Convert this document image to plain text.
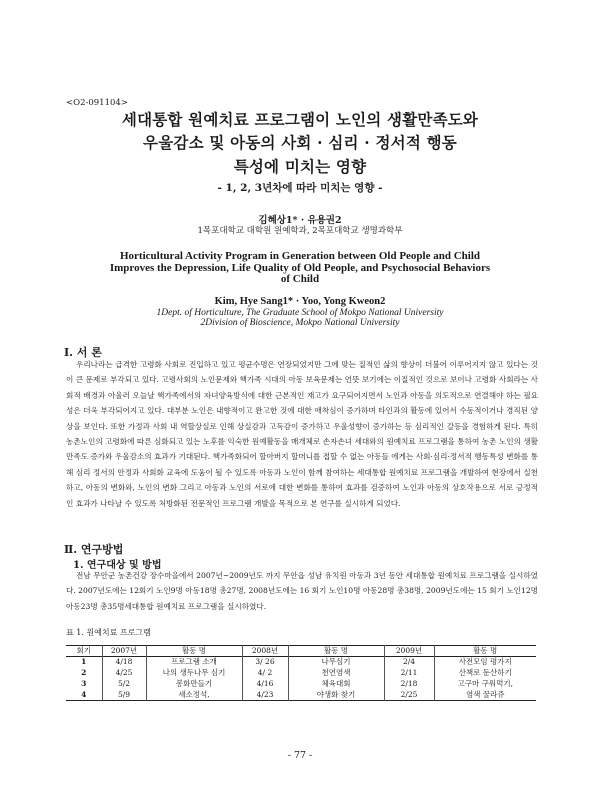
<O2-091104>
세대통합 원예치료 프로그램이 노인의 생활만족도와
우울감소 및 아동의 사회 · 심리 · 정서적 행동
특성에 미치는 영향
- 1, 2, 3년차에 따라 미치는 영향 -
김혜상1* · 유용권2
1목포대학교 대학원 원예학과, 2목포대학교 생명과학부
Horticultural Activity Program in Generation between Old People and Child
Improves the Depression, Life Quality of Old People, and Psychosocial Behaviors
of Child
Kim, Hye Sang1* · Yoo, Yong Kweon2
1Dept. of Horticulture, The Graduate School of Mokpo National University
2Division of Bioscience, Mokpo National University
Ⅰ. 서 론
우리나라는 급격한 고령화 사회로 진입하고 있고 평균수명은 연장되었지만 그에 맞는 질적인 삶의 향상이 더불어 이루어지지 않고 있다는 것이 큰 문제로 부각되고 있다. 고령사회의 노인문제와 핵가족 시대의 아동 보육문제는 언뜻 보기에는 이질적인 것으로 보이나 고령화 사회라는 사회적 배경과 아울러 오늘날 핵가족에서의 자녀양육방식에 대한 근본적인 재고가 요구되어지면서 노인과 아동을 의도적으로 연결해야 하는 필요성은 더욱 부각되어지고 있다. 대부분 노인은 내향적이고 완고한 것에 대한 애착심이 증가하며 타인과의 활동에 있어서 수동적이거나 경직된 양상을 보인다. 또한 가정과 사회 내 역할상실로 인해 상실감과 고독감이 증가하고 우울성향이 증가하는 등 심리적인 갈등을 경험하게 된다. 특히 농촌노인의 고령화에 따른 심화되고 있는 노후를 익숙한 원예활동을 매개체로 손자손녀 세대와의 원예치료 프로그램을 통하여 농촌 노인의 생활만족도 증가와 우울감소의 효과가 기대된다. 핵가족화되어 할아버지 할머니를 접할 수 없는 아동들 에게는 사회·심리·정서적 행동특성 변화를 통해 심리 정서의 안정과 사회화 교육에 도움이 될 수 있도록 아동과 노인이 함께 참여하는 세대통합 원예치료 프로그램을 개발하여 현장에서 실천하고, 아동의 변화와, 노인의 변화 그리고 아동과 노인의 서로에 대한 변화를 통하여 효과를 검증하여 노인과 아동의 상호작용으로 서로 긍정적인 효과가 나타날 수 있도록 처방화된 전문적인 프로그램 개발을 목적으로 본 연구를 실시하게 되었다.
Ⅱ. 연구방법
1. 연구대상 및 방법
전남 무안군 농촌건강 장수마을에서 2007년~2009년도 까지 무안읍 성남 유치원 아동과 3년 동안 세대통합 원예치료 프로그램을 실시하였다. 2007년도에는 12회기 노인9명 아동18명 총27명, 2008년도에는 16 회기 노인10명 아동28명 총38명, 2009년도에는 15 회기 노인12명 아동23명 총35명세대통합 원예치료 프로그램을 실시하였다.
표 1. 원예치료 프로그램
회기	2007년	활동 명	2008년	활동 명	2009년	활동 명
1	4/18	프로그램 소개	3/ 26	나무심기	2/4	사전모임 평가지
2	4/25	나의 생두나무 심기	4/ 2	천연염색	2/11	산책로 둔산하기
3	5/2	봉화만들기	4/16	체육대회	2/18	고구마 구워먹기,
4	5/9	새소정석,	4/23	야생화 찾기	2/25	염색 꿀라쥬
- 77 -
